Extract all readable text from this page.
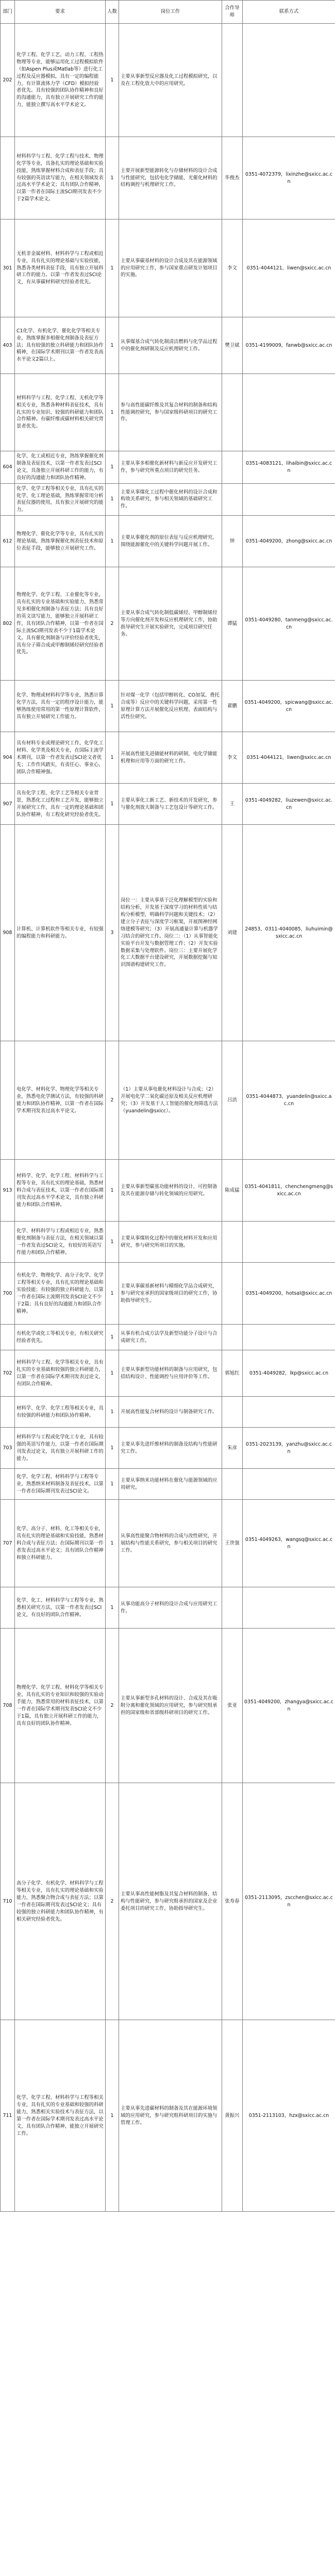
部门	要求	人数	岗位工作	合作导师	联系方式
202	化学工程、化学工艺、动力工程、工程热物理等专业，能够运用化工过程模拟软件（如Aspen Plus或Matlab等）进行化工过程及反应器模拟，具有一定的编程能力，有计算流体力学（CFD）模拟经验者优先。具有较强的团队协作精神和良好的沟通能力，具有独立开展研究工作的能力，能独立撰写高水平学术论文。	1	主要从事新型反应器及化工过程模拟研究，以及在工程化放大中的应用研究。		
	材料科学与工程、化学工程与技术、物理化学等专业，具备扎实的理论基础和实验技能，熟练掌握材料合成和表征手段；具有较强的英语读写能力，在相关领域发表过高水平学术论文；具有团队合作精神，以第一作者在国际主流SCI期刊发表不少于2篇学术论文。	1	主要开展新型能源转化与存储材料的设计合成与性能研究，包括电化学储能、光催化材料的结构调控与机理研究工作。	毕俊杰	0351-4072379，lixinzhe@sxicc.ac.cn
301	无机非金属材料、材料科学与工程或相近专业，具有扎实的理论基础与实验技能，熟悉各类材料表征手段，具有独立开展科研工作的能力。以第一作者发表过SCI论文，有从事碳材料研究经验者优先。	1	主要从事碳基材料的设计合成及其在能源领域的应用研究工作，参与国家重点研发计划项目的实施。	李文	0351-4044121，liwen@sxicc.ac.cn
403	C1化学、有机化学、催化化学等相关专业，熟练掌握多相催化剂制备及表征方法；具有较强的独立科研能力和团队协作精神，在国际学术期刊以第一作者发表高水平论文2篇以上。	1	从事煤基合成气转化制清洁燃料与化学品过程中的催化剂研制及反应机理研究工作。	樊卫斌	0351-4199009，fanwb@sxicc.ac.cn
	材料科学与工程、化学工程、无机化学等相关专业，熟悉各种材料表征技术，具有扎实的专业知识、较强的科研能力和团队合作精神。有碳纤维或碳材料相关研究背景者优先。	1	参与高性能碳纤维及其复合材料的制备和结构性能调控研究，参与国家级科研项目的研究工作。		
604	化学、化工或相近专业，熟练掌握催化剂制备及表征技术，以第一作者发表过SCI论文，具备独立开展科研工作的能力，有良好的沟通能力和团队协作精神。	1	主要从事多相催化新材料与新反应开发研究工作，参与研究所重点项目的研究任务。		0351-4083121，lihaibin@sxicc.ac.cn
	化学、化学工程等相关专业，具有扎实的化学、化工理论基础，熟练掌握常用分析表征仪器的使用，具有独立开展研究的能力。	1	主要从事煤化工过程中催化材料的设计合成和构效关系研究，参与相关领域的基础研究工作。		
612	物理化学、催化化学等专业，具有扎实的理论基础，熟练掌握催化剂表征技术和原位表征手段，能够独立开展研究工作。	1	主要从事催化剂的原位表征与反应机理研究，围绕能源催化中的关键科学问题开展工作。	钟	0351-4049200，zhong@sxicc.ac.cn
802	物理化学、化学工程、工业催化等专业，具有扎实的专业基础和实验能力，熟悉常见多相催化剂制备与表征方法；具有良好的英文读写能力，能够独立开展科研工作，具有团队合作精神，以第一作者在国际主流SCI期刊发表不少于1篇学术论文。具有催化剂制备与评价经验者优先，具有分子筛合成或甲醇制烯烃研究经验者优先。	2	主要从事合成气转化制低碳烯烃、甲醇制烯烃等方向催化剂开发和反应机理研究工作，协助指导研究生开展实验研究，完成项目研究任务。	谭猛	0351-4049280，tanmeng@sxicc.ac.cn
	化学、物理或材料科学等专业，熟悉计算化学方法，具有一定的程序设计能力，能够熟练使用常用的第一性原理计算软件，具有独立开展研究工作能力。	1	针对煤一化学（包括甲醇转化、CO加氢、费托合成等）反应中的关键科学问题，采用第一性原理计算方法开展催化反应机理、表面结构与活性位研究。	翟鹏	0351-4049200，spicwang@sxicc.ac.cn
904	具有材料专业或理论研究工作，化学化工材料、化学类及相关专业，在国际主流学术期刊，以第一作者发表过SCI论文者优先；工作作风踏实，有责任心、事业心、团队合作精神强。	1	开展高性能先进储能材料的研制，电化学储能机理和应用等方面的研究工作。	李文	0351-4044121，liwen@sxicc.ac.cn
907	具有化学工程、化学工艺等相关专业背景，熟悉化工过程和工艺开发，能够独立开展研究工作，具有一定的理论基础和团队协作精神，有工程化研究经验者优先。	1	主要从事化工新工艺、新技术的开发研究，参与催化剂放大制备与工艺包设计等研究工作。	王	0351-4049282，liuzewen@sxicc.ac.cn
908	计算机、计算机软件等相关专业，有较强的编程能力和科研能力。	3	岗位一：主要从事基于泛化理解模型的实验和结构分析，开发基于深度学习的材料性质与结构分析模型，明确科学问题和关键技术；（2）建立分子表征与深度学习框架，开展图神经网络建模等研究；（3）开展高通量计算与机器学习结合的研究工作。岗位二：（1）从事智能化实验平台开发与数据管理工作；（2）开发实验数据采集与处理软件。岗位三：主要开展化学化工大数据平台建设研究，开展数据挖掘与知识图谱构建研究工作。	刘建	24853，0311-4040085，liuhuimin@sxicc.ac.cn
	电化学、材料化学、物理化学等相关专业，熟悉电化学测试方法，有较强的科研能力和团队协作精神，以第一作者在国际学术期刊发表过高水平论文。	2	（1）主要从事电催化材料设计与合成；（2）开展电化学二氧化碳还原及相关反应机理研究；（3）开发基于人工智能的催化剂筛选方法（yuandelin@sxicc）。	吕洪	0351-4044873，yuandelin@sxicc.ac.cn
913	材料学、化学、化学工程、材料科学与工程等专业，具有扎实的理论基础，熟悉材料合成与表征技术，以第一作者在国际期刊发表过高水平学术论文，具有独立科研能力和团队合作精神。	1	主要从事新型碳基功能材料的设计、可控制备及其在能源存储与转化领域的应用研究。	陈成猛	0351-4041811，chenchengmeng@sxicc.ac.cn
	化学、材料科学与工程或相近专业，熟悉催化剂制备与表征方法，在相关领域以第一作者发表过SCI论文，有较好的英语写作能力和团队合作精神。	1	主要从事煤转化过程中的催化材料开发和应用研究，参与研究所项目的实施。		
700	有机化学、物理化学、高分子化学、化学工程等相关专业，具有扎实的理论基础和实验技能；有较强的独立科研能力，以第一作者在国际主流期刊发表SCI论文不少于2篇；具有良好的沟通能力和团队合作精神。	1	主要从事碳基新材料与精细化学品合成研究，参与研究室承担的国家级项目的研究工作，协助指导研究生。		0351-4049200，hotsal@sxicc.ac.cn
	有机化学或化工等相关专业，有相关研究经验者优先。	1	从事有机合成方法学及新型功能分子设计与合成研究工作。		
702	材料科学与工程、化学等相关专业，具有扎实的专业基础和较强的独立科研能力，以第一作者在国际学术期刊发表过论文，有团队合作精神。	1	主要从事新型功能材料的制备与应用研究，包括结构设计、性能调控与应用评价等工作。	郭旭红	0351-4049282，lkp@sxicc.ac.cn
	材料学、化学、化学工程等相关专业，具有较强的科研能力和团队协作精神。	1	开展高性能复合材料的设计与制备研究工作。		
703	材料科学与工程或化学化工专业，具有较强的英语写作能力，以第一作者在国际期刊发表过论文，具有独立开展科研工作的能力。	1	主要从事先进纤维材料的制备及结构与性能研究工作。	朱彦	0351-2023139，yanzhu@sxicc.ac.cn
	化学、化学工程、材料科学与工程等专业，熟悉纳米材料制备及表征技术，以第一作者在国际期刊发表过SCI论文。	1	主要从事纳米功能材料在催化与能源领域的应用研究。		
707	化学、高分子、材料、化工等相关专业，具有扎实的理论基础和实验技能，熟悉材料合成与表征方法；在国际期刊以第一作者发表过高水平论文；具有团队合作精神和独立科研能力。	1	从事高性能聚合物材料的合成与改性研究，开展结构与性能关系研究，参与相关项目的研究工作。	王世强	0351-4049263，wangsq@sxicc.ac.cn
	化学、化工、材料科学与工程等专业，熟悉相关研究方法，以第一作者发表过SCI论文，有良好的团队合作精神。	1	从事功能高分子材料的设计合成与应用研究工作。		
708	物理化学、化学工程、材料化学等相关专业，具有扎实的专业知识和较强的实验动手能力，熟悉常用的材料表征技术，以第一作者在国际学术期刊发表SCI论文不少于1篇，具有独立开展科研工作的能力，具有良好的团队协作精神。	2	主要从事新型多孔材料的设计、合成及其在吸附分离和催化领域的应用研究，参与研究组承担的国家级和省部级科研项目的研究工作。	张亚	0351-4049200，zhangya@sxicc.ac.cn
710	高分子化学、有机化学、材料科学与工程等相关专业，具有扎实的理论基础和实验能力，熟悉聚合物合成与表征方法；以第一作者在国际期刊发表过SCI论文；具有较强的独立科研能力和团队协作精神，有相关研究经验者优先。	2	主要从事高性能树脂及其复合材料的制备、结构与性能研究，参与研究组承担的国家及企业委托项目的研究工作，协助指导研究生。	张寿春	0351-2113095，zscchen@sxicc.ac.cn
711	化学、化学工程、材料科学与工程等相关专业，具有扎实的专业基础和较强的科研能力，熟悉相关实验技术与表征方法，以第一作者在国际学术期刊发表过高水平论文，具有团队合作精神，能独立开展研究工作。	1	主要从事先进碳材料的制备及其在能源环境领域的应用研究，参与研究组科研项目的实施与管理工作。	黄振兴	0351-2113103，hzx@sxicc.ac.cn
